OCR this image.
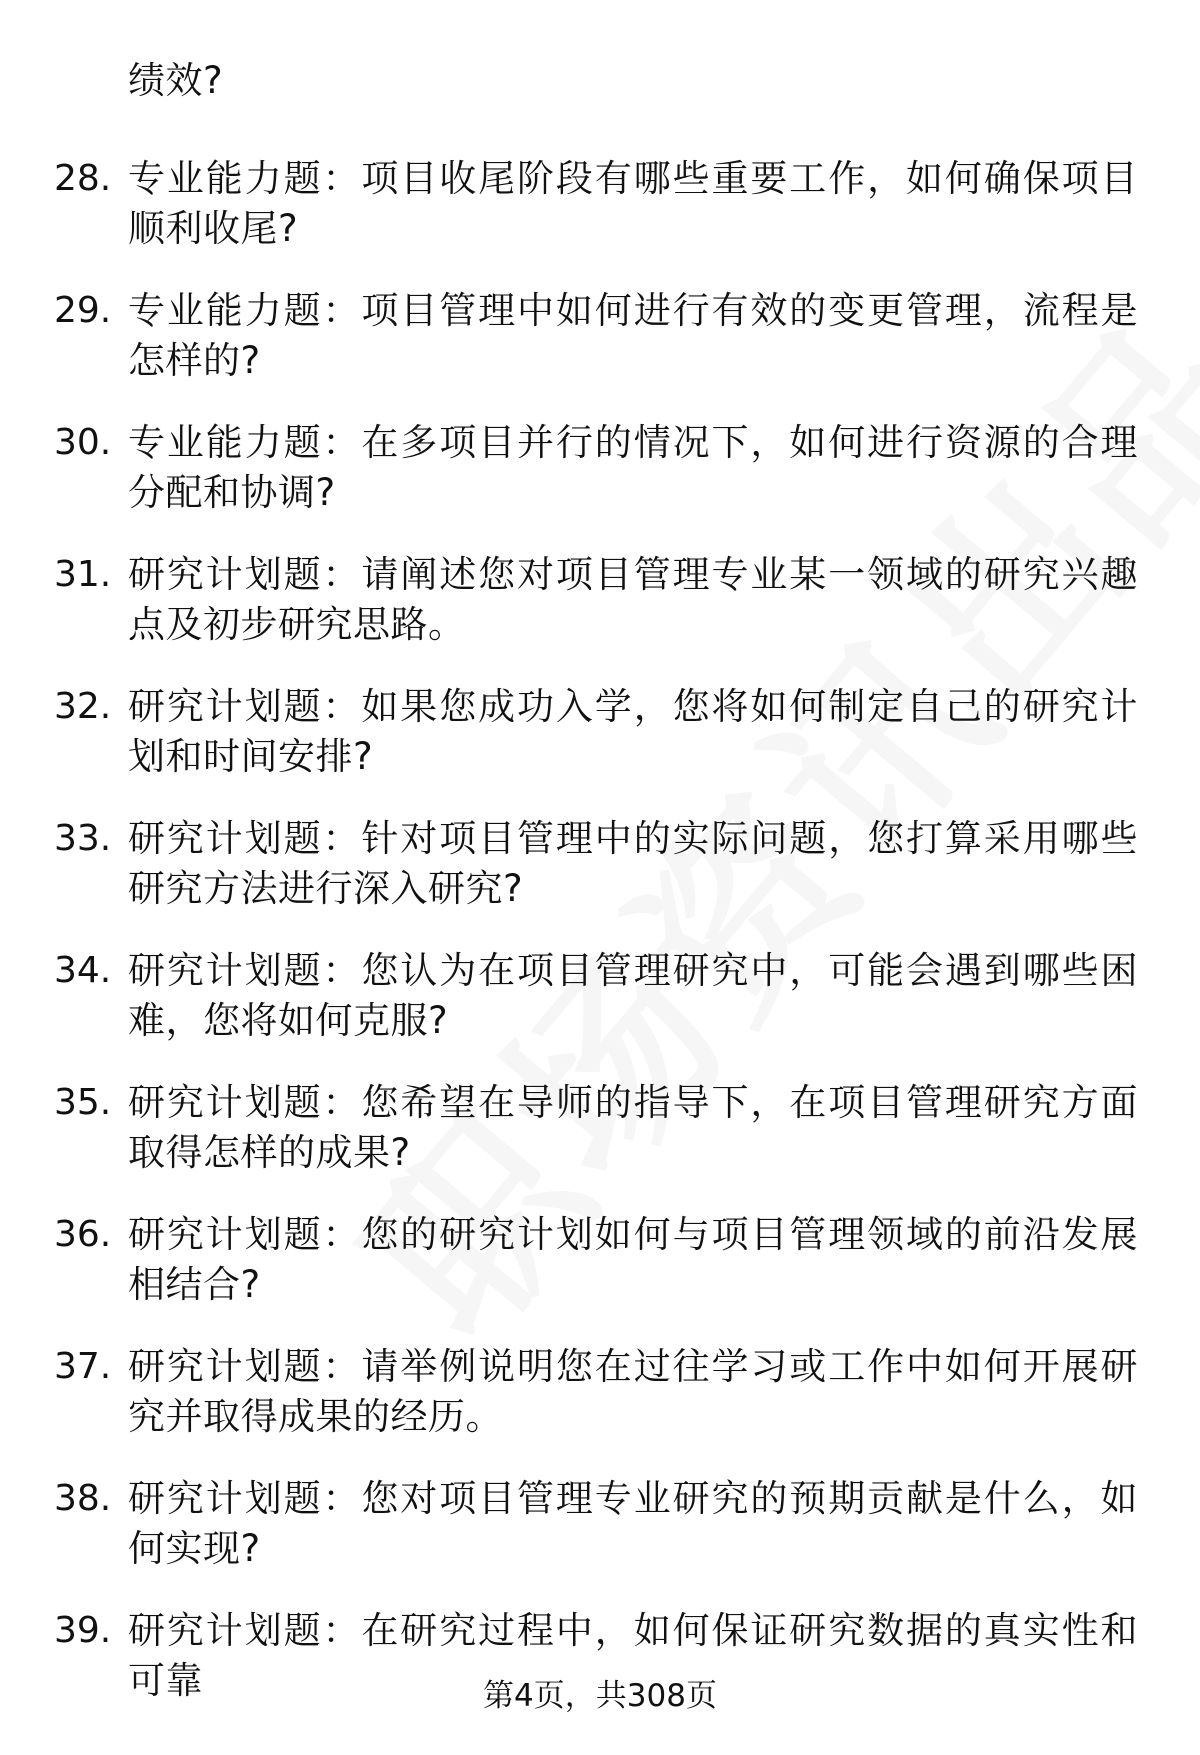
绩效?
28. 专业能力题：项目收尾阶段有哪些重要工作，如何确保项目顺利收尾?
29. 专业能力题：项目管理中如何进行有效的变更管理，流程是怎样的?
30. 专业能力题：在多项目并行的情况下，如何进行资源的合理分配和协调?
31. 研究计划题：请阐述您对项目管理专业某一领域的研究兴趣点及初步研究思路。
32. 研究计划题：如果您成功入学，您将如何制定自己的研究计划和时间安排?
33. 研究计划题：针对项目管理中的实际问题，您打算采用哪些研究方法进行深入研究?
34. 研究计划题：您认为在项目管理研究中，可能会遇到哪些困难，您将如何克服?
35. 研究计划题：您希望在导师的指导下，在项目管理研究方面取得怎样的成果?
36. 研究计划题：您的研究计划如何与项目管理领域的前沿发展相结合?
37. 研究计划题：请举例说明您在过往学习或工作中如何开展研究并取得成果的经历。
38. 研究计划题：您对项目管理专业研究的预期贡献是什么，如何实现?
39. 研究计划题：在研究过程中，如何保证研究数据的真实性和可靠	第4页，共308页
